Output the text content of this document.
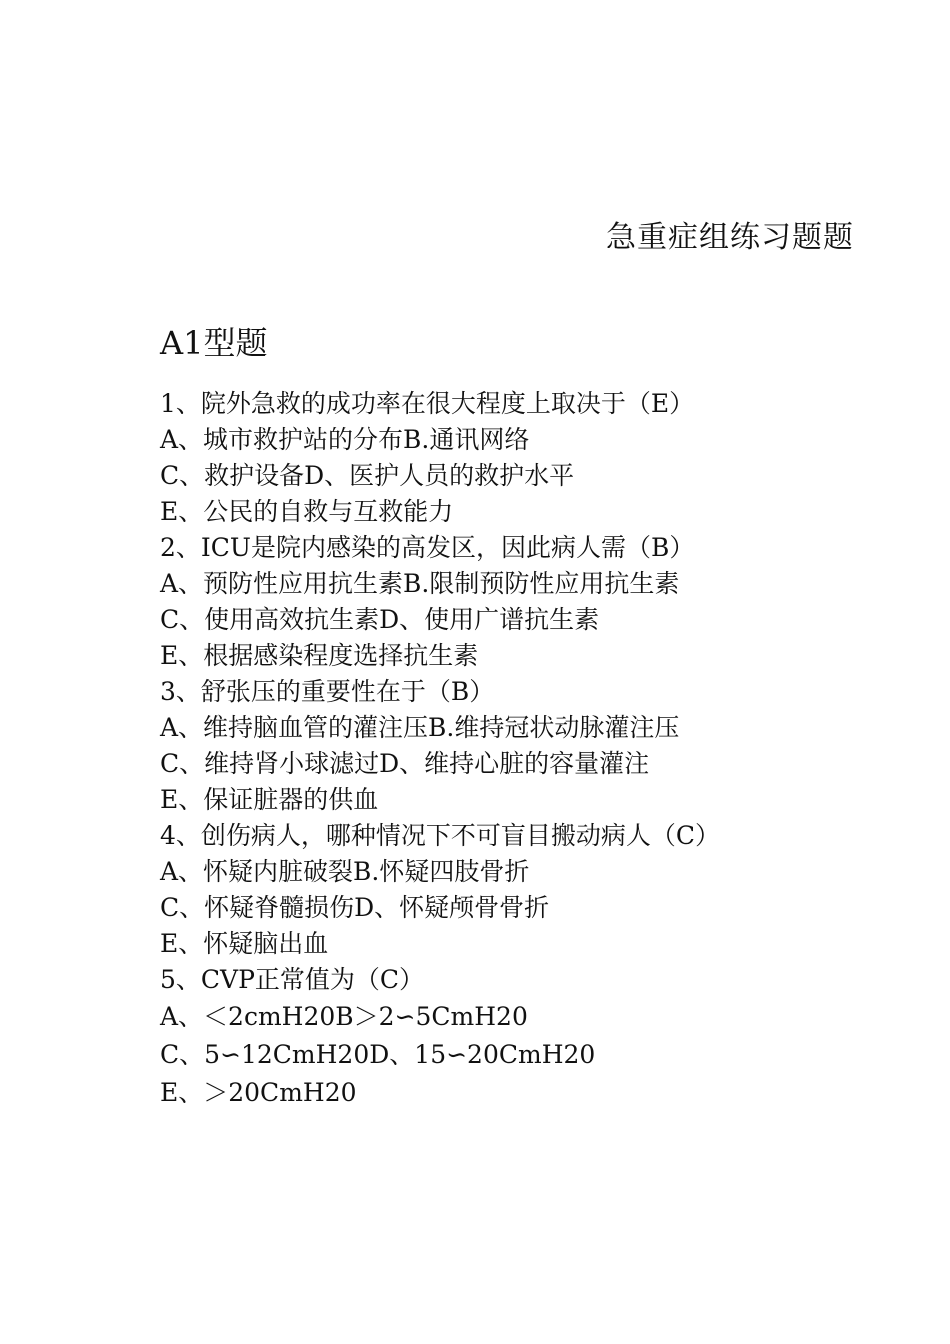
急重症组练习题题
A1型题
1、院外急救的成功率在很大程度上取决于（E）
A、城市救护站的分布B.通讯网络
C、救护设备D、医护人员的救护水平
E、公民的自救与互救能力
2、ICU是院内感染的高发区，因此病人需（B）
A、预防性应用抗生素B.限制预防性应用抗生素
C、使用高效抗生素D、使用广谱抗生素
E、根据感染程度选择抗生素
3、舒张压的重要性在于（B）
A、维持脑血管的灌注压B.维持冠状动脉灌注压
C、维持肾小球滤过D、维持心脏的容量灌注
E、保证脏器的供血
4、创伤病人，哪种情况下不可盲目搬动病人（C）
A、怀疑内脏破裂B.怀疑四肢骨折
C、怀疑脊髓损伤D、怀疑颅骨骨折
E、怀疑脑出血
5、CVP正常值为（C）
A、＜2cmH20B＞2∽5CmH20
C、5∽12CmH20D、15∽20CmH20
E、＞20CmH20
